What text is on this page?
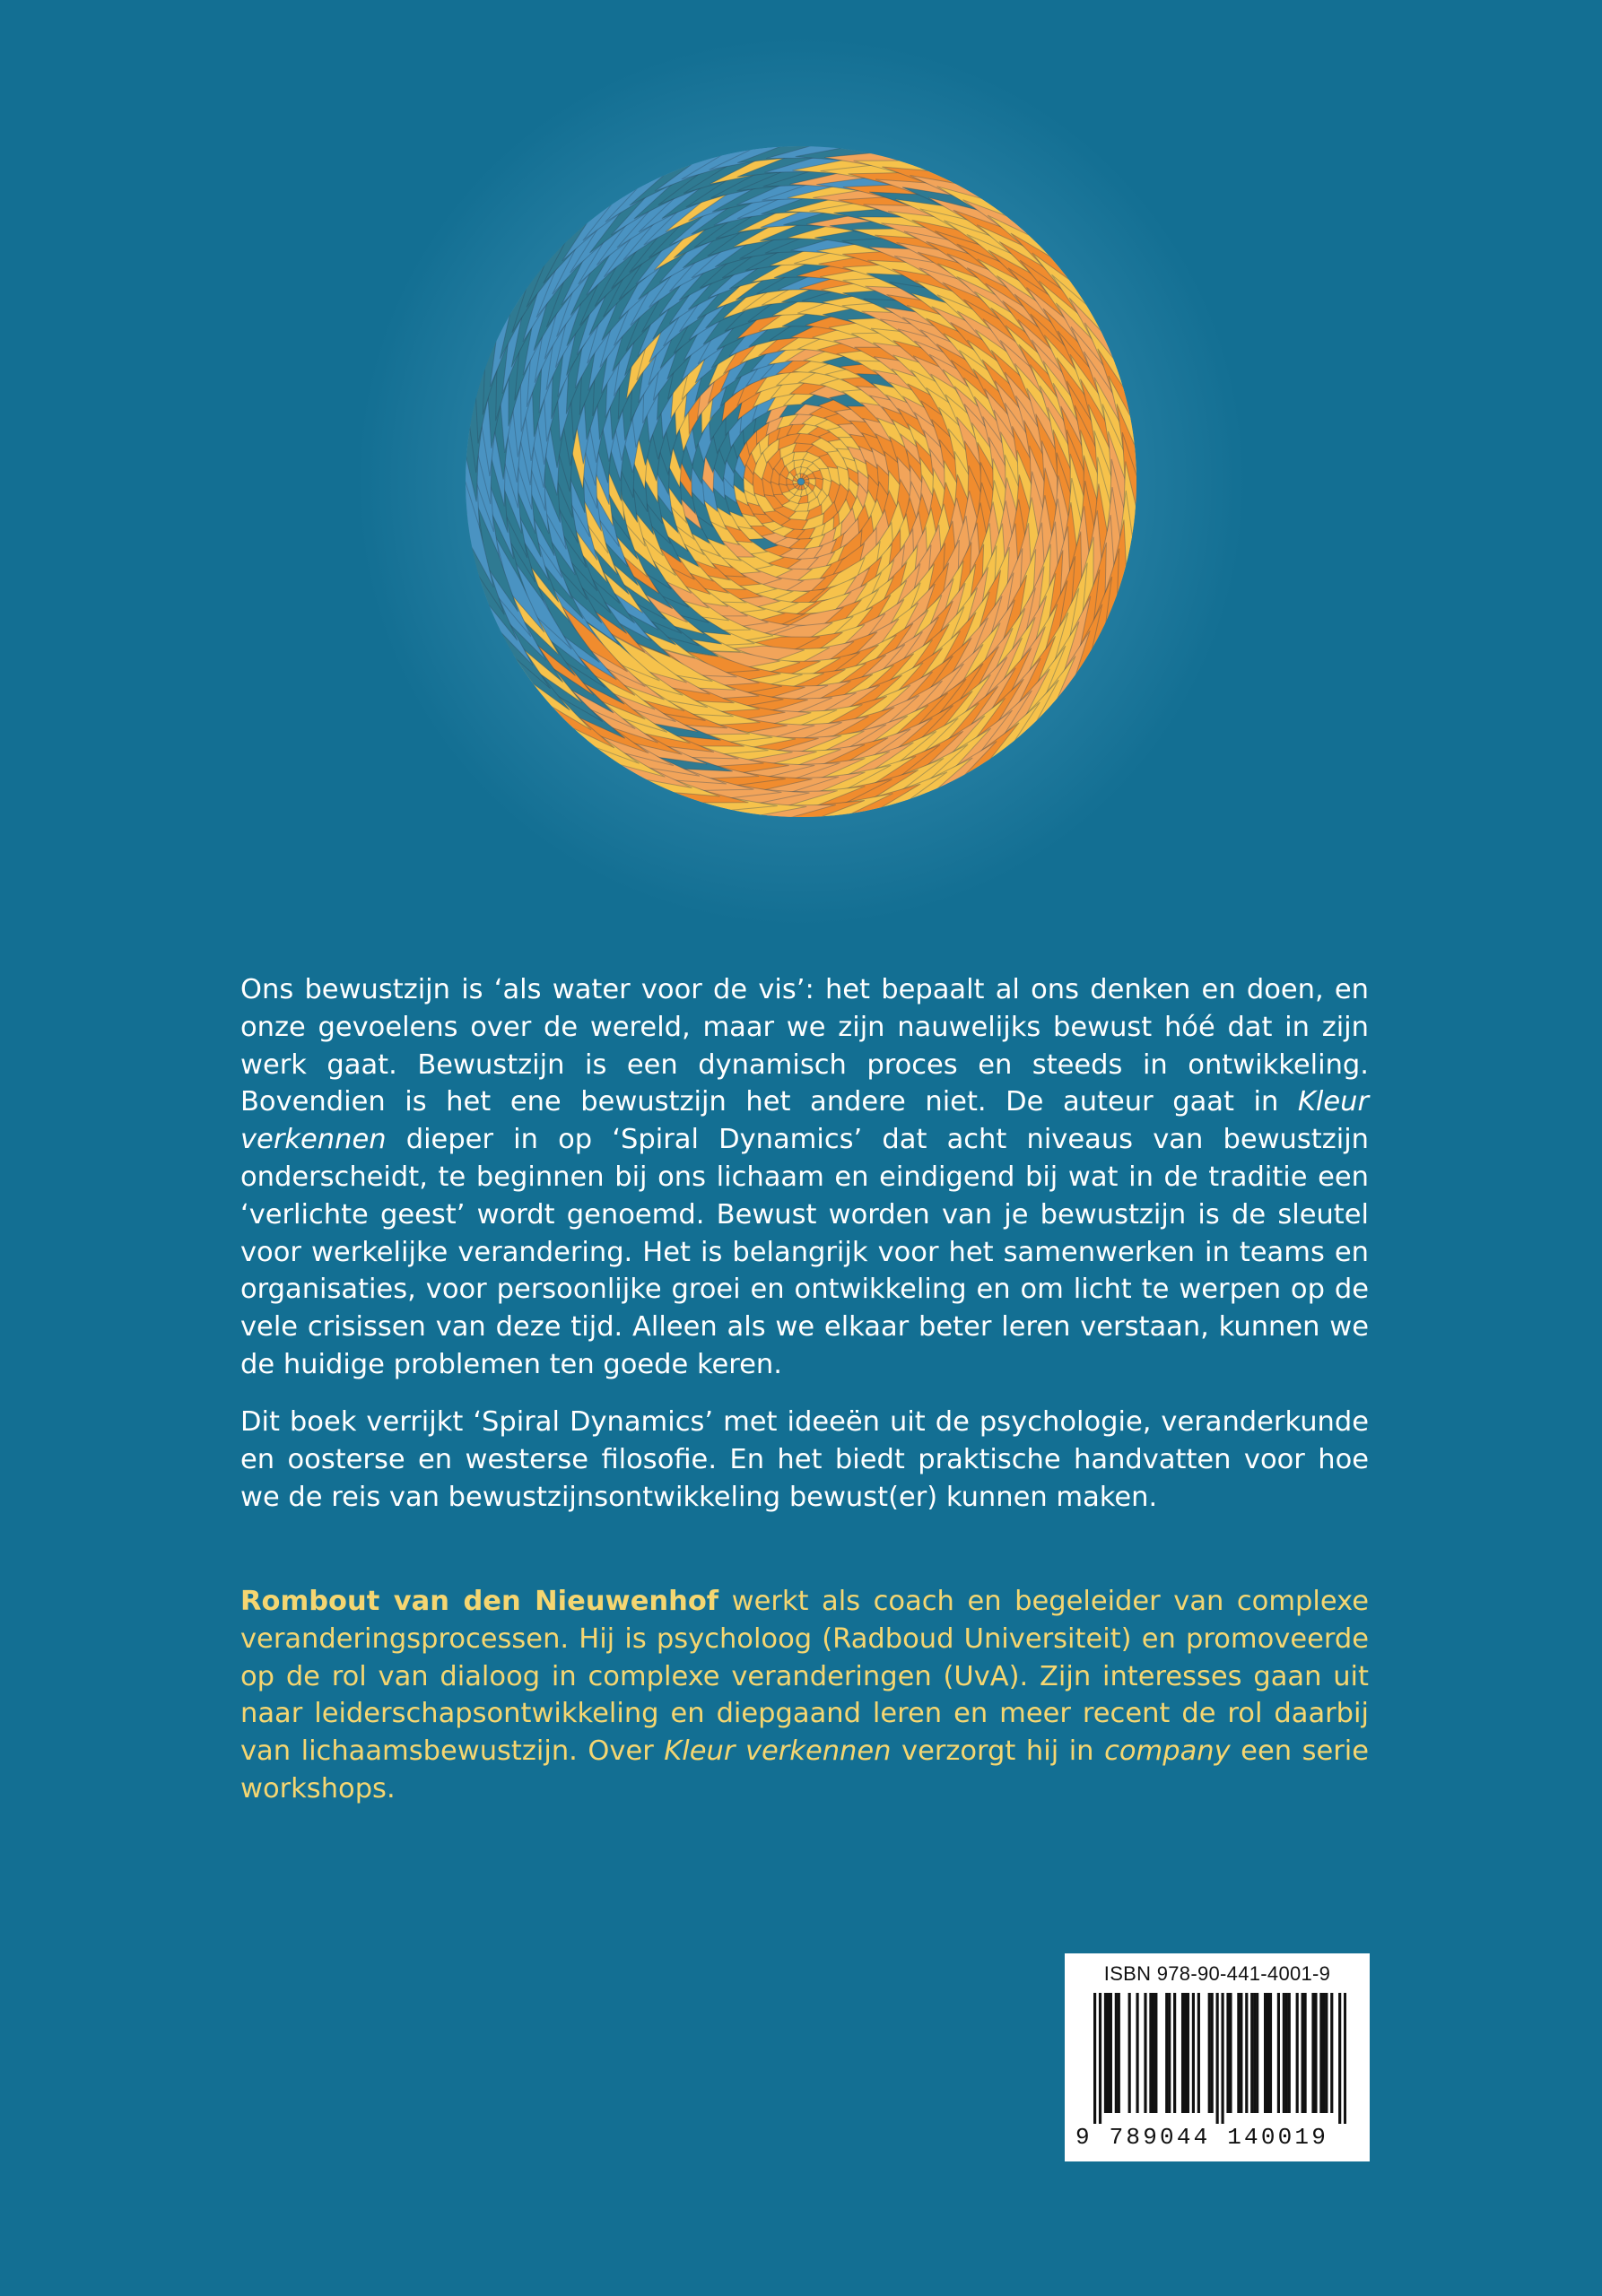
Ons bewustzijn is ‘als water voor de vis’: het bepaalt al ons denken en doen, en onze gevoelens over de wereld, maar we zijn nauwelijks bewust hóé dat in zijn werk gaat. Bewustzijn is een dynamisch proces en steeds in ontwikkeling. Bovendien is het ene bewustzijn het andere niet. De auteur gaat in Kleur verkennen dieper in op ‘Spiral Dynamics’ dat acht niveaus van bewustzijn onderscheidt, te beginnen bij ons lichaam en eindigend bij wat in de traditie een ‘verlichte geest’ wordt genoemd. Bewust worden van je bewustzijn is de sleutel voor werkelijke verandering. Het is belangrijk voor het samenwerken in teams en organisaties, voor persoonlijke groei en ontwikkeling en om licht te werpen op de vele crisissen van deze tijd. Alleen als we elkaar beter leren verstaan, kunnen we de huidige problemen ten goede keren.
Dit boek verrijkt ‘Spiral Dynamics’ met ideeën uit de psychologie, veranderkunde en oosterse en westerse filosofie. En het biedt praktische handvatten voor hoe we de reis van bewustzijnsontwikkeling bewust(er) kunnen maken.
Rombout van den Nieuwenhof werkt als coach en begeleider van complexe veranderingsprocessen. Hij is psycholoog (Radboud Universiteit) en promoveerde op de rol van dialoog in complexe veranderingen (UvA). Zijn interesses gaan uit naar leiderschapsontwikkeling en diepgaand leren en meer recent de rol daarbij van lichaamsbewustzijn. Over Kleur verkennen verzorgt hij in company een serie workshops.
ISBN 978-90-441-4001-9
9 789044 140019
